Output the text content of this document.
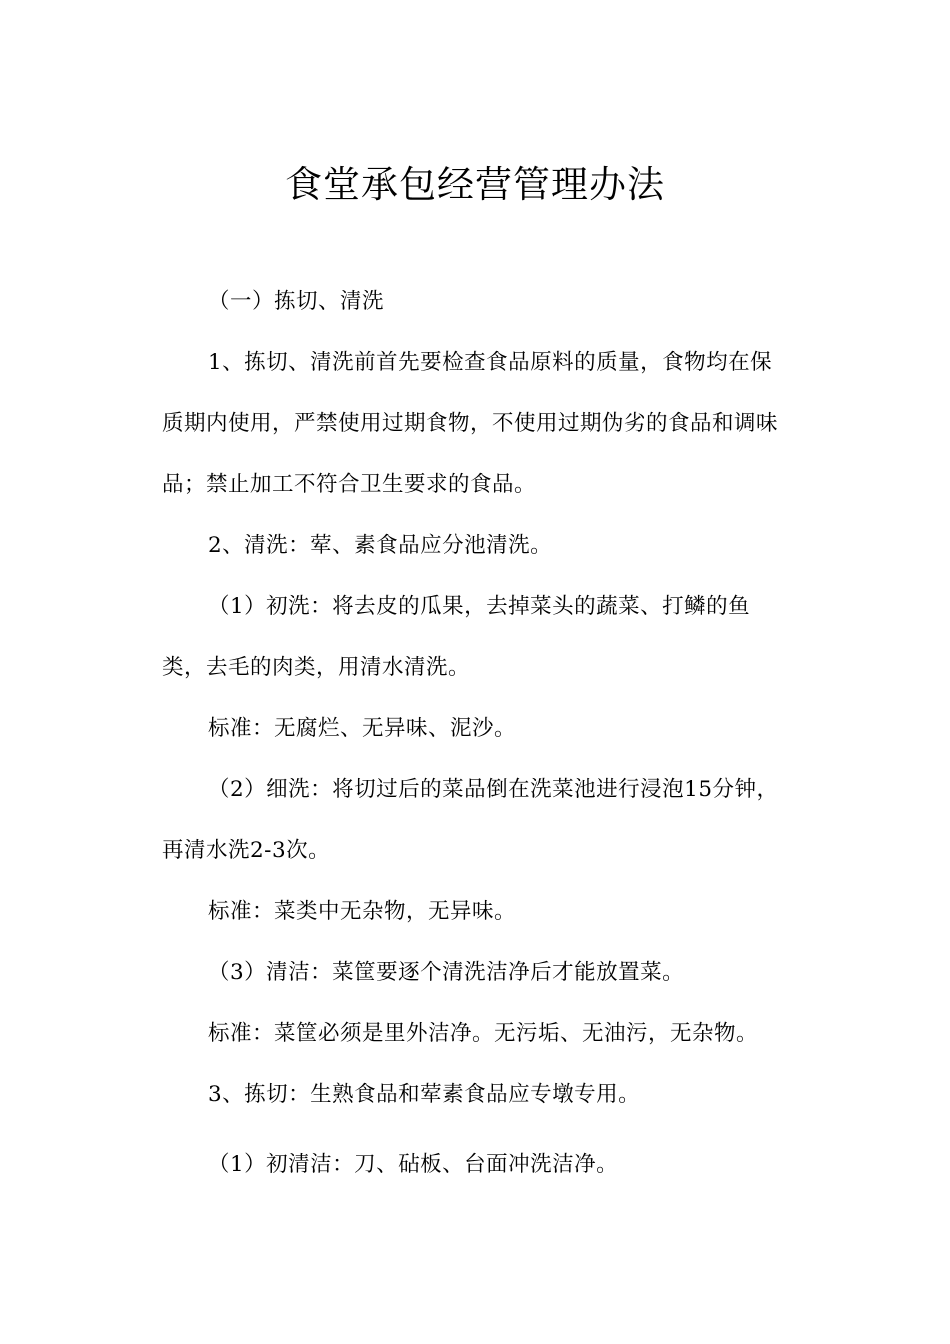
食堂承包经营管理办法

（一）拣切、清洗

1、拣切、清洗前首先要检查食品原料的质量，食物均在保
质期内使用，严禁使用过期食物，不使用过期伪劣的食品和调味
品；禁止加工不符合卫生要求的食品。

2、清洗：荤、素食品应分池清洗。

（1）初洗：将去皮的瓜果，去掉菜头的蔬菜、打鳞的鱼
类，去毛的肉类，用清水清洗。

标准：无腐烂、无异味、泥沙。

（2）细洗：将切过后的菜品倒在洗菜池进行浸泡15分钟，
再清水洗2-3次。

标准：菜类中无杂物，无异味。

（3）清洁：菜筐要逐个清洗洁净后才能放置菜。

标准：菜筐必须是里外洁净。无污垢、无油污，无杂物。

3、拣切：生熟食品和荤素食品应专墩专用。

（1）初清洁：刀、砧板、台面冲洗洁净。
